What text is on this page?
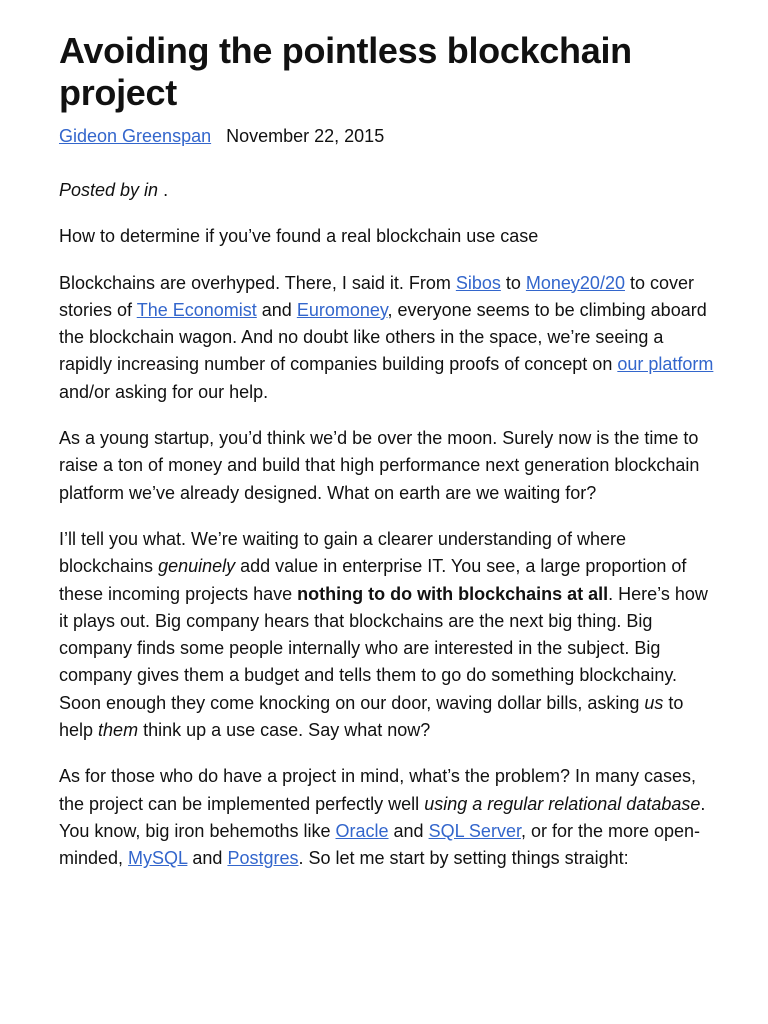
Avoiding the pointless blockchain project
Gideon Greenspan November 22, 2015

Posted by in .

How to determine if you’ve found a real blockchain use case

Blockchains are overhyped. There, I said it. From Sibos to Money20/20 to cover stories of The Economist and Euromoney, everyone seems to be climbing aboard the blockchain wagon. And no doubt like others in the space, we’re seeing a rapidly increasing number of companies building proofs of concept on our platform and/or asking for our help.

As a young startup, you’d think we’d be over the moon. Surely now is the time to raise a ton of money and build that high performance next generation blockchain platform we’ve already designed. What on earth are we waiting for?

I’ll tell you what. We’re waiting to gain a clearer understanding of where blockchains genuinely add value in enterprise IT. You see, a large proportion of these incoming projects have nothing to do with blockchains at all. Here’s how it plays out. Big company hears that blockchains are the next big thing. Big company finds some people internally who are interested in the subject. Big company gives them a budget and tells them to go do something blockchainy. Soon enough they come knocking on our door, waving dollar bills, asking us to help them think up a use case. Say what now?

As for those who do have a project in mind, what’s the problem? In many cases, the project can be implemented perfectly well using a regular relational database. You know, big iron behemoths like Oracle and SQL Server, or for the more open-minded, MySQL and Postgres. So let me start by setting things straight:
